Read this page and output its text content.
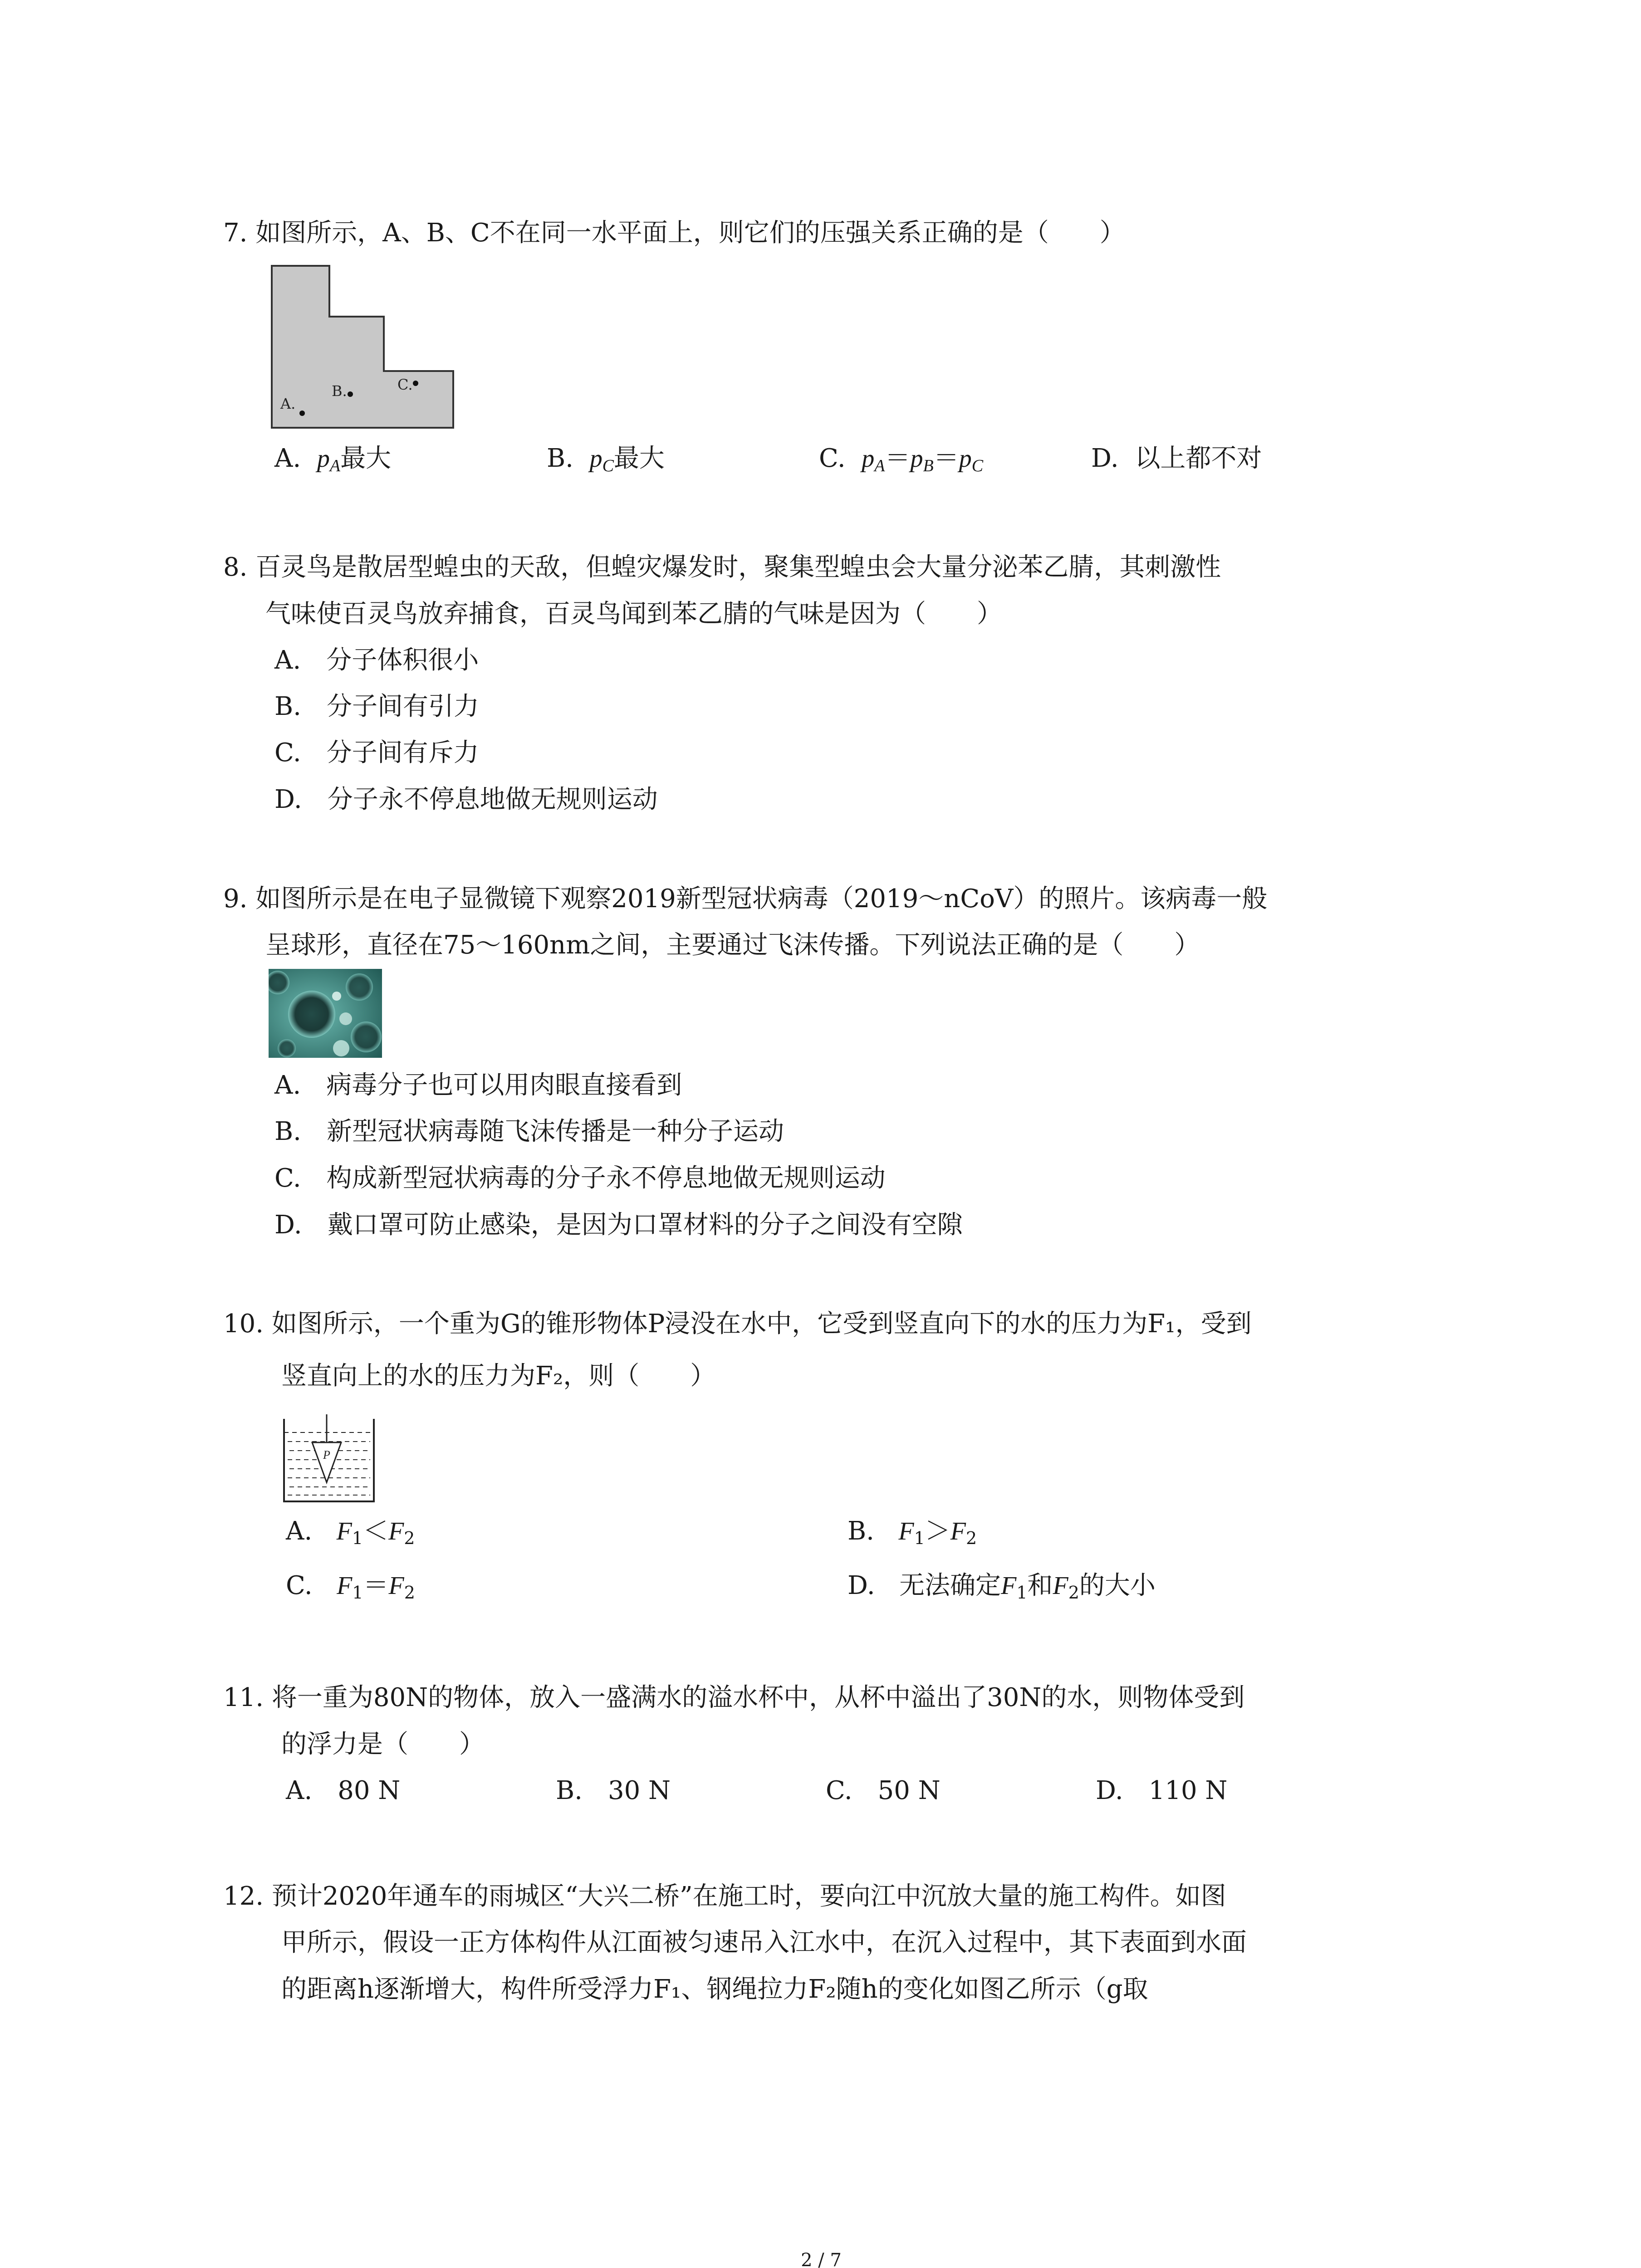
7. 如图所示，A、B、C不在同一水平面上，则它们的压强关系正确的是（　　）
A.
B.	C.
A. $p_A$最大	B. $p_C$最大	C. $p_A=p_B=p_C$	D. 以上都不对
8. 百灵鸟是散居型蝗虫的天敌，但蝗灾爆发时，聚集型蝗虫会大量分泌苯乙腈，其刺激性
气味使百灵鸟放弃捕食，百灵鸟闻到苯乙腈的气味是因为（　　）
A.　分子体积很小
B.　分子间有引力
C.　分子间有斥力
D.　分子永不停息地做无规则运动
9. 如图所示是在电子显微镜下观察2019新型冠状病毒（2019～nCoV）的照片。该病毒一般
呈球形，直径在75～160nm之间，主要通过飞沫传播。下列说法正确的是（　　）
A.　病毒分子也可以用肉眼直接看到
B.　新型冠状病毒随飞沫传播是一种分子运动
C.　构成新型冠状病毒的分子永不停息地做无规则运动
D.　戴口罩可防止感染，是因为口罩材料的分子之间没有空隙
10. 如图所示，一个重为G的锥形物体P浸没在水中，它受到竖直向下的水的压力为F₁，受到
竖直向上的水的压力为F₂，则（　　）
P
A.   $F_1<F_2$	B.   $F_1>F_2$
C.   $F_1=F_2$	D.   无法确定$F_1$和$F_2$的大小
11. 将一重为80N的物体，放入一盛满水的溢水杯中，从杯中溢出了30N的水，则物体受到
的浮力是（　　）
A.　80 N	B.　30 N	C.　50 N	D.　110 N
12. 预计2020年通车的雨城区“大兴二桥”在施工时，要向江中沉放大量的施工构件。如图
甲所示，假设一正方体构件从江面被匀速吊入江水中，在沉入过程中，其下表面到水面
的距离h逐渐增大，构件所受浮力F₁、钢绳拉力F₂随h的变化如图乙所示（g取
2 / 7
